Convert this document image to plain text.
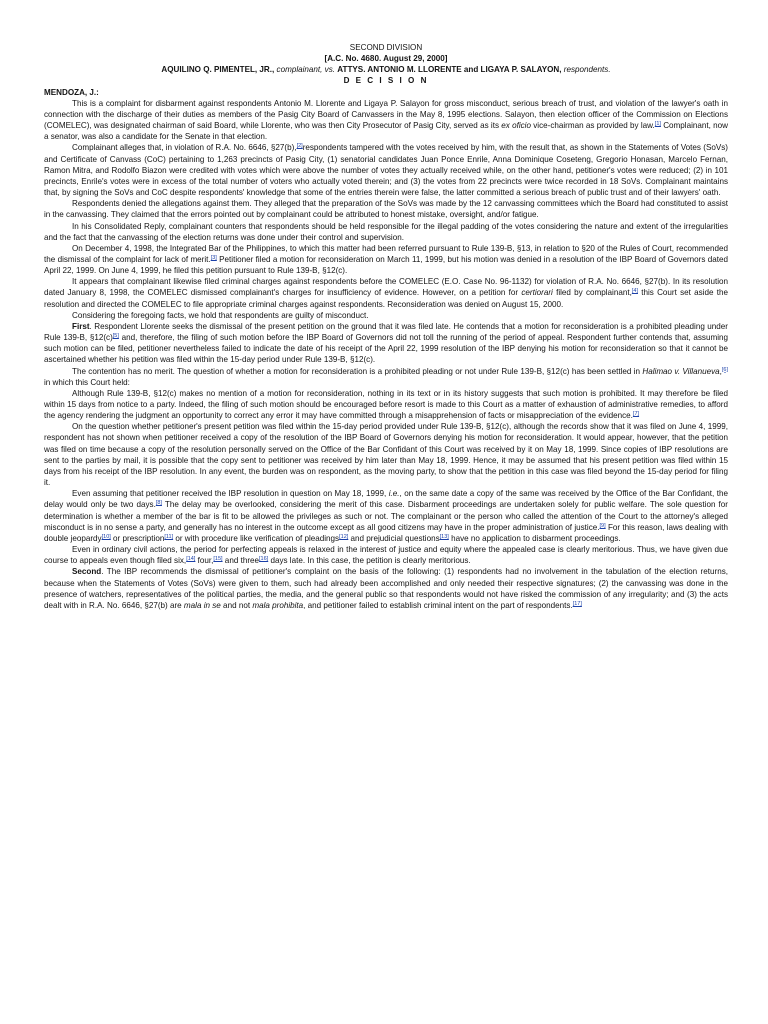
SECOND DIVISION
[A.C. No. 4680. August 29, 2000]
AQUILINO Q. PIMENTEL, JR., complainant, vs. ATTYS. ANTONIO M. LLORENTE and LIGAYA P. SALAYON, respondents.
D E C I S I O N
MENDOZA, J.:

This is a complaint for disbarment against respondents Antonio M. Llorente and Ligaya P. Salayon for gross misconduct, serious breach of trust, and violation of the lawyer's oath in connection with the discharge of their duties as members of the Pasig City Board of Canvassers in the May 8, 1995 elections. Salayon, then election officer of the Commission on Elections (COMELEC), was designated chairman of said Board, while Llorente, who was then City Prosecutor of Pasig City, served as its ex oficio vice-chairman as provided by law.[1] Complainant, now a senator, was also a candidate for the Senate in that election.

Complainant alleges that, in violation of R.A. No. 6646, §27(b),[2]respondents tampered with the votes received by him, with the result that, as shown in the Statements of Votes (SoVs) and Certificate of Canvass (CoC) pertaining to 1,263 precincts of Pasig City, (1) senatorial candidates Juan Ponce Enrile, Anna Dominique Coseteng, Gregorio Honasan, Marcelo Fernan, Ramon Mitra, and Rodolfo Biazon were credited with votes which were above the number of votes they actually received while, on the other hand, petitioner's votes were reduced; (2) in 101 precincts, Enrile's votes were in excess of the total number of voters who actually voted therein; and (3) the votes from 22 precincts were twice recorded in 18 SoVs. Complainant maintains that, by signing the SoVs and CoC despite respondents' knowledge that some of the entries therein were false, the latter committed a serious breach of public trust and of their lawyers' oath.

Respondents denied the allegations against them. They alleged that the preparation of the SoVs was made by the 12 canvassing committees which the Board had constituted to assist in the canvassing. They claimed that the errors pointed out by complainant could be attributed to honest mistake, oversight, and/or fatigue.

In his Consolidated Reply, complainant counters that respondents should be held responsible for the illegal padding of the votes considering the nature and extent of the irregularities and the fact that the canvassing of the election returns was done under their control and supervision.

On December 4, 1998, the Integrated Bar of the Philippines, to which this matter had been referred pursuant to Rule 139-B, §13, in relation to §20 of the Rules of Court, recommended the dismissal of the complaint for lack of merit.[3] Petitioner filed a motion for reconsideration on March 11, 1999, but his motion was denied in a resolution of the IBP Board of Governors dated April 22, 1999. On June 4, 1999, he filed this petition pursuant to Rule 139-B, §12(c).

It appears that complainant likewise filed criminal charges against respondents before the COMELEC (E.O. Case No. 96-1132) for violation of R.A. No. 6646, §27(b). In its resolution dated January 8, 1998, the COMELEC dismissed complainant's charges for insufficiency of evidence. However, on a petition for certiorari filed by complainant,[4] this Court set aside the resolution and directed the COMELEC to file appropriate criminal charges against respondents. Reconsideration was denied on August 15, 2000.

Considering the foregoing facts, we hold that respondents are guilty of misconduct.

First. Respondent Llorente seeks the dismissal of the present petition on the ground that it was filed late. He contends that a motion for reconsideration is a prohibited pleading under Rule 139-B, §12(c)[5] and, therefore, the filing of such motion before the IBP Board of Governors did not toll the running of the period of appeal. Respondent further contends that, assuming such motion can be filed, petitioner nevertheless failed to indicate the date of his receipt of the April 22, 1999 resolution of the IBP denying his motion for reconsideration so that it cannot be ascertained whether his petition was filed within the 15-day period under Rule 139-B, §12(c).

The contention has no merit. The question of whether a motion for reconsideration is a prohibited pleading or not under Rule 139-B, §12(c) has been settled in Halimao v. Villanueva,[6] in which this Court held:

Although Rule 139-B, §12(c) makes no mention of a motion for reconsideration, nothing in its text or in its history suggests that such motion is prohibited. It may therefore be filed within 15 days from notice to a party. Indeed, the filing of such motion should be encouraged before resort is made to this Court as a matter of exhaustion of administrative remedies, to afford the agency rendering the judgment an opportunity to correct any error it may have committed through a misapprehension of facts or misappreciation of the evidence.[7]

On the question whether petitioner's present petition was filed within the 15-day period provided under Rule 139-B, §12(c), although the records show that it was filed on June 4, 1999, respondent has not shown when petitioner received a copy of the resolution of the IBP Board of Governors denying his motion for reconsideration. It would appear, however, that the petition was filed on time because a copy of the resolution personally served on the Office of the Bar Confidant of this Court was received by it on May 18, 1999. Since copies of IBP resolutions are sent to the parties by mail, it is possible that the copy sent to petitioner was received by him later than May 18, 1999. Hence, it may be assumed that his present petition was filed within 15 days from his receipt of the IBP resolution. In any event, the burden was on respondent, as the moving party, to show that the petition in this case was filed beyond the 15-day period for filing it.

Even assuming that petitioner received the IBP resolution in question on May 18, 1999, i.e., on the same date a copy of the same was received by the Office of the Bar Confidant, the delay would only be two days.[8] The delay may be overlooked, considering the merit of this case. Disbarment proceedings are undertaken solely for public welfare. The sole question for determination is whether a member of the bar is fit to be allowed the privileges as such or not. The complainant or the person who called the attention of the Court to the attorney's alleged misconduct is in no sense a party, and generally has no interest in the outcome except as all good citizens may have in the proper administration of justice.[9] For this reason, laws dealing with double jeopardy[10] or prescription[11] or with procedure like verification of pleadings[12] and prejudicial questions[13] have no application to disbarment proceedings.

Even in ordinary civil actions, the period for perfecting appeals is relaxed in the interest of justice and equity where the appealed case is clearly meritorious. Thus, we have given due course to appeals even though filed six,[14] four,[15] and three[16] days late. In this case, the petition is clearly meritorious.

Second. The IBP recommends the dismissal of petitioner's complaint on the basis of the following: (1) respondents had no involvement in the tabulation of the election returns, because when the Statements of Votes (SoVs) were given to them, such had already been accomplished and only needed their respective signatures; (2) the canvassing was done in the presence of watchers, representatives of the political parties, the media, and the general public so that respondents would not have risked the commission of any irregularity; and (3) the acts dealt with in R.A. No. 6646, §27(b) are mala in se and not mala prohibita, and petitioner failed to establish criminal intent on the part of respondents.[17]
